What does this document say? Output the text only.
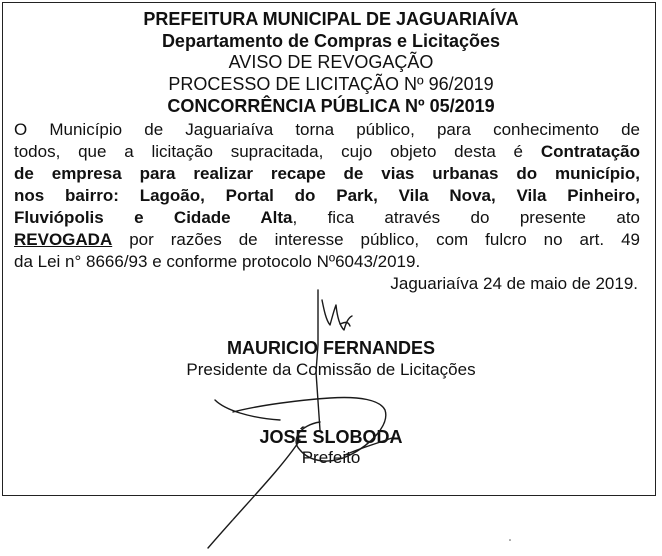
PREFEITURA MUNICIPAL DE JAGUARIAÍVA
Departamento de Compras e Licitações
AVISO DE REVOGAÇÃO
PROCESSO DE LICITAÇÃO Nº 96/2019
CONCORRÊNCIA PÚBLICA Nº 05/2019
O Município de Jaguariaíva torna público, para conhecimento de
todos, que a licitação supracitada, cujo objeto desta é Contratação
de empresa para realizar recape de vias urbanas do município,
nos bairro: Lagoão, Portal do Park, Vila Nova, Vila Pinheiro,
Fluviópolis e Cidade Alta, fica através do presente ato
REVOGADA por razões de interesse público, com fulcro no art. 49
da Lei n° 8666/93 e conforme protocolo Nº6043/2019.
Jaguariaíva 24 de maio de 2019.
MAURICIO FERNANDES
Presidente da Comissão de Licitações
JOSÉ SLOBODA
Prefeito
